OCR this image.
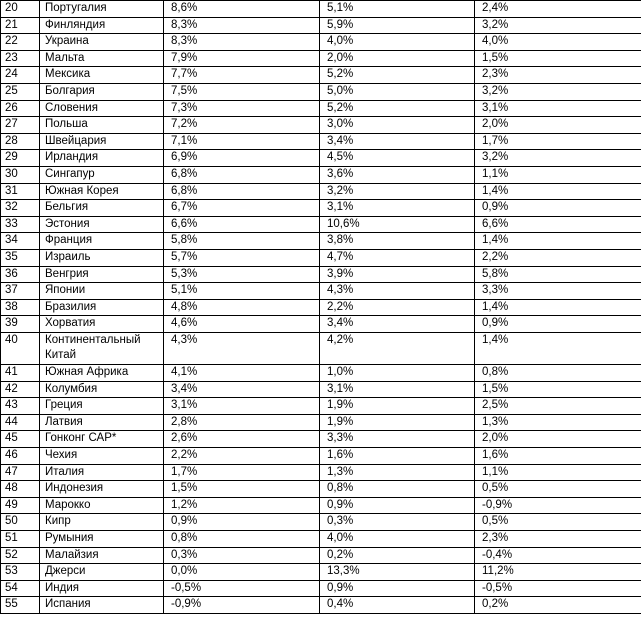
20	Португалия	8,6%	5,1%	2,4%
21	Финляндия	8,3%	5,9%	3,2%
22	Украина	8,3%	4,0%	4,0%
23	Мальта	7,9%	2,0%	1,5%
24	Мексика	7,7%	5,2%	2,3%
25	Болгария	7,5%	5,0%	3,2%
26	Словения	7,3%	5,2%	3,1%
27	Польша	7,2%	3,0%	2,0%
28	Швейцария	7,1%	3,4%	1,7%
29	Ирландия	6,9%	4,5%	3,2%
30	Сингапур	6,8%	3,6%	1,1%
31	Южная Корея	6,8%	3,2%	1,4%
32	Бельгия	6,7%	3,1%	0,9%
33	Эстония	6,6%	10,6%	6,6%
34	Франция	5,8%	3,8%	1,4%
35	Израиль	5,7%	4,7%	2,2%
36	Венгрия	5,3%	3,9%	5,8%
37	Японии	5,1%	4,3%	3,3%
38	Бразилия	4,8%	2,2%	1,4%
39	Хорватия	4,6%	3,4%	0,9%
40	Континентальный Китай	4,3%	4,2%	1,4%
41	Южная Африка	4,1%	1,0%	0,8%
42	Колумбия	3,4%	3,1%	1,5%
43	Греция	3,1%	1,9%	2,5%
44	Латвия	2,8%	1,9%	1,3%
45	Гонконг САР*	2,6%	3,3%	2,0%
46	Чехия	2,2%	1,6%	1,6%
47	Италия	1,7%	1,3%	1,1%
48	Индонезия	1,5%	0,8%	0,5%
49	Марокко	1,2%	0,9%	-0,9%
50	Кипр	0,9%	0,3%	0,5%
51	Румыния	0,8%	4,0%	2,3%
52	Малайзия	0,3%	0,2%	-0,4%
53	Джерси	0,0%	13,3%	11,2%
54	Индия	-0,5%	0,9%	-0,5%
55	Испания	-0,9%	0,4%	0,2%
